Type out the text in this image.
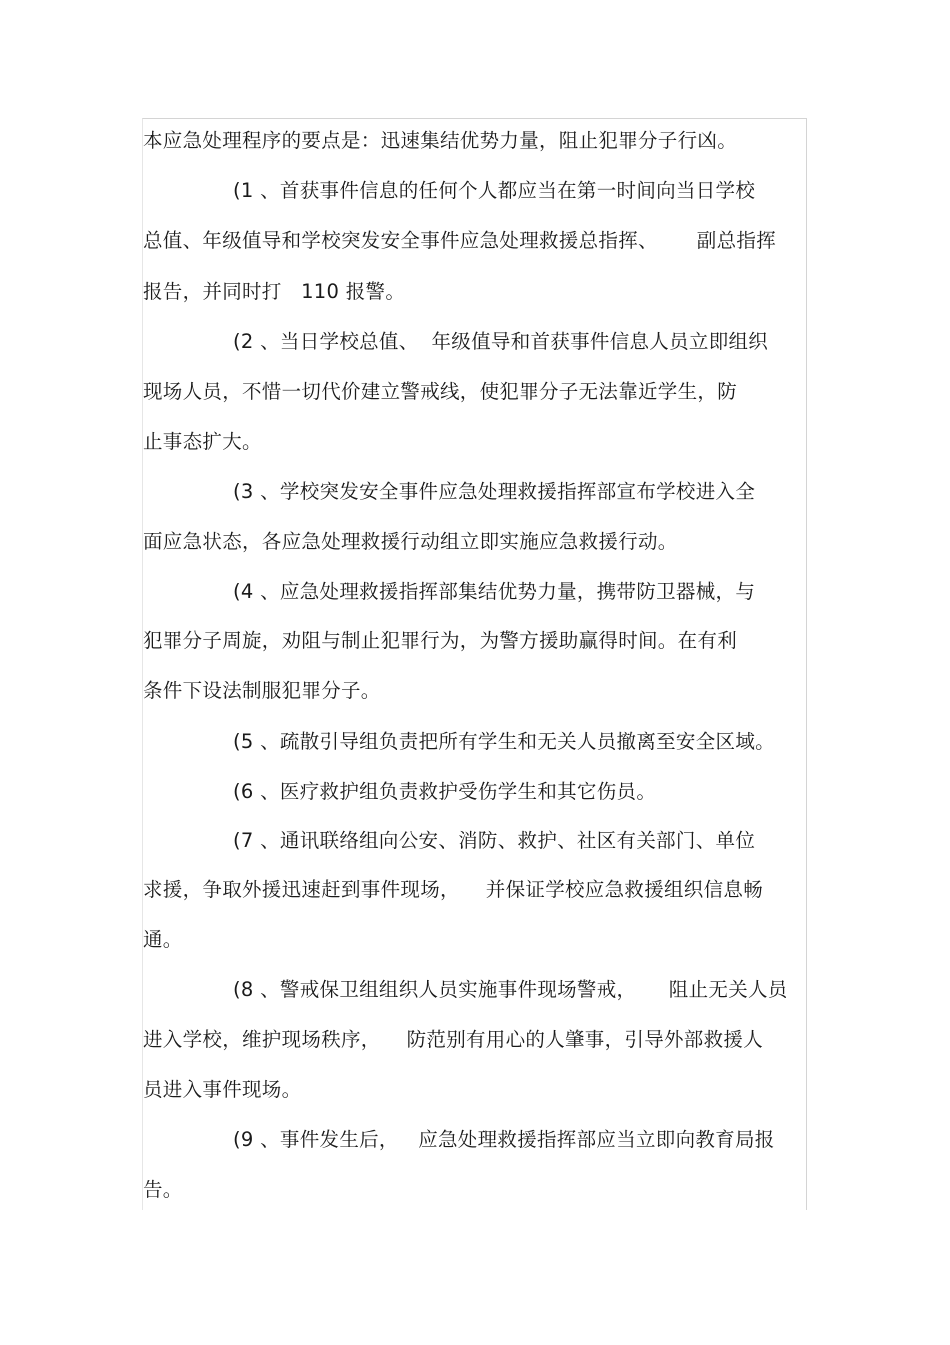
本应急处理程序的要点是：迅速集结优势力量，阻止犯罪分子行凶。
(1 、首获事件信息的任何个人都应当在第一时间向当日学校
总值、年级值导和学校突发安全事件应急处理救援总指挥、      副总指挥
报告，并同时打   110 报警。
(2 、当日学校总值、  年级值导和首获事件信息人员立即组织
现场人员，不惜一切代价建立警戒线，使犯罪分子无法靠近学生，防
止事态扩大。
(3 、学校突发安全事件应急处理救援指挥部宣布学校进入全
面应急状态，各应急处理救援行动组立即实施应急救援行动。
(4 、应急处理救援指挥部集结优势力量，携带防卫器械，与
犯罪分子周旋，劝阻与制止犯罪行为，为警方援助赢得时间。在有利
条件下设法制服犯罪分子。
(5 、疏散引导组负责把所有学生和无关人员撤离至安全区域。
(6 、医疗救护组负责救护受伤学生和其它伤员。
(7 、通讯联络组向公安、消防、救护、社区有关部门、单位
求援，争取外援迅速赶到事件现场，    并保证学校应急救援组织信息畅
通。
(8 、警戒保卫组组织人员实施事件现场警戒，     阻止无关人员
进入学校，维护现场秩序，    防范别有用心的人肇事，引导外部救援人
员进入事件现场。
(9 、事件发生后，   应急处理救援指挥部应当立即向教育局报
告。
